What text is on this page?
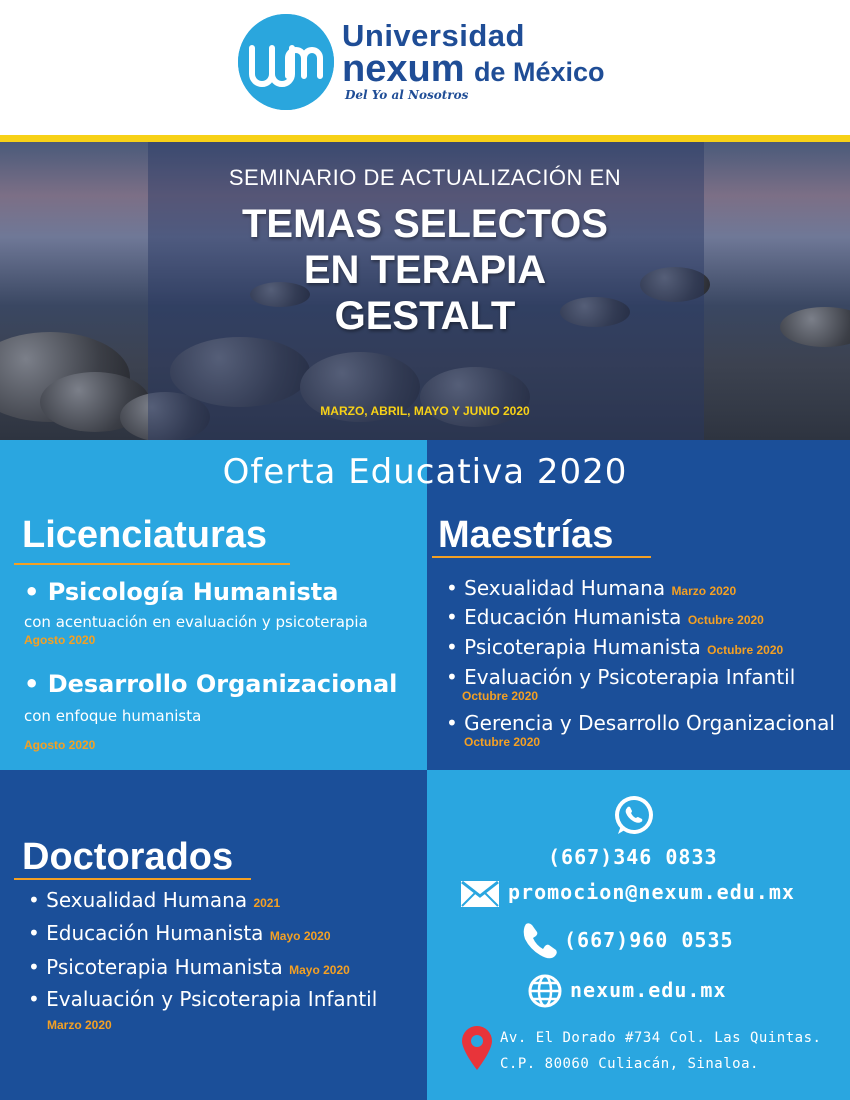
Universidad
nexum de México
Del Yo al Nosotros
SEMINARIO DE ACTUALIZACIÓN EN
TEMAS SELECTOS
EN TERAPIA
GESTALT
MARZO, ABRIL, MAYO Y JUNIO 2020
Oferta Educativa 2020
Licenciaturas
• Psicología Humanista
con acentuación en evaluación y psicoterapia
Agosto 2020
• Desarrollo Organizacional
con enfoque humanista
Agosto 2020
Maestrías
• Sexualidad Humana Marzo 2020
• Educación Humanista Octubre 2020
• Psicoterapia Humanista Octubre 2020
• Evaluación y Psicoterapia Infantil
Octubre 2020
• Gerencia y Desarrollo Organizacional
Octubre 2020
Doctorados
• Sexualidad Humana 2021
• Educación Humanista Mayo 2020
• Psicoterapia Humanista Mayo 2020
• Evaluación y Psicoterapia Infantil
Marzo 2020
(667)346 0833
promocion@nexum.edu.mx
(667)960 0535
nexum.edu.mx
Av. El Dorado #734 Col. Las Quintas.
C.P. 80060 Culiacán, Sinaloa.
